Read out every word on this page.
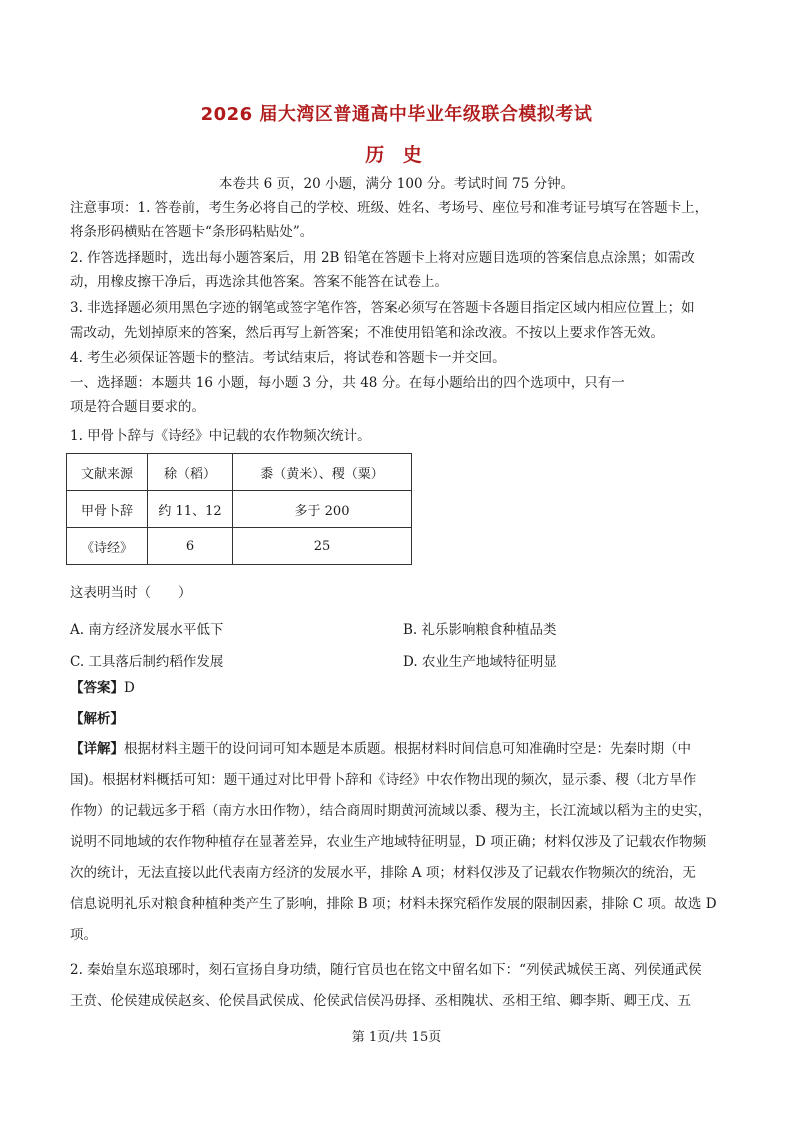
2026 届大湾区普通高中毕业年级联合模拟考试
历 史
本卷共 6 页，20 小题，满分 100 分。考试时间 75 分钟。
注意事项：1. 答卷前，考生务必将自己的学校、班级、姓名、考场号、座位号和准考证号填写在答题卡上，
将条形码横贴在答题卡“条形码粘贴处”。
2. 作答选择题时，选出每小题答案后，用 2B 铅笔在答题卡上将对应题目选项的答案信息点涂黑；如需改
动，用橡皮擦干净后，再选涂其他答案。答案不能答在试卷上。
3. 非选择题必须用黑色字迹的钢笔或签字笔作答，答案必须写在答题卡各题目指定区域内相应位置上；如
需改动，先划掉原来的答案，然后再写上新答案；不准使用铅笔和涂改液。不按以上要求作答无效。
4. 考生必须保证答题卡的整洁。考试结束后，将试卷和答题卡一并交回。
一、选择题：本题共 16 小题，每小题 3 分，共 48 分。在每小题给出的四个选项中，只有一
项是符合题目要求的。
1. 甲骨卜辞与《诗经》中记载的农作物频次统计。
文献来源	稌（稻）	黍（黄米）、稷（粟）
甲骨卜辞	约 11、12	多于 200
《诗经》	6	25
这表明当时（　　）
A. 南方经济发展水平低下	B. 礼乐影响粮食种植品类
C. 工具落后制约稻作发展	D. 农业生产地域特征明显
【答案】D
【解析】
【详解】根据材料主题干的设问词可知本题是本质题。根据材料时间信息可知准确时空是：先秦时期（中
国)。根据材料概括可知：题干通过对比甲骨卜辞和《诗经》中农作物出现的频次，显示黍、稷（北方旱作
作物）的记载远多于稻（南方水田作物），结合商周时期黄河流域以黍、稷为主，长江流域以稻为主的史实，
说明不同地域的农作物种植存在显著差异，农业生产地域特征明显，D 项正确；材料仅涉及了记载农作物频
次的统计，无法直接以此代表南方经济的发展水平，排除 A 项；材料仅涉及了记载农作物频次的统治，无
信息说明礼乐对粮食种植种类产生了影响，排除 B 项；材料未探究稻作发展的限制因素，排除 C 项。故选 D
项。
2. 秦始皇东巡琅琊时，刻石宣扬自身功绩，随行官员也在铭文中留名如下：“列侯武城侯王离、列侯通武侯
王贲、伦侯建成侯赵亥、伦侯昌武侯成、伦侯武信侯冯毋择、丞相隗状、丞相王绾、卿李斯、卿王戊、五
第 1页/共 15页
